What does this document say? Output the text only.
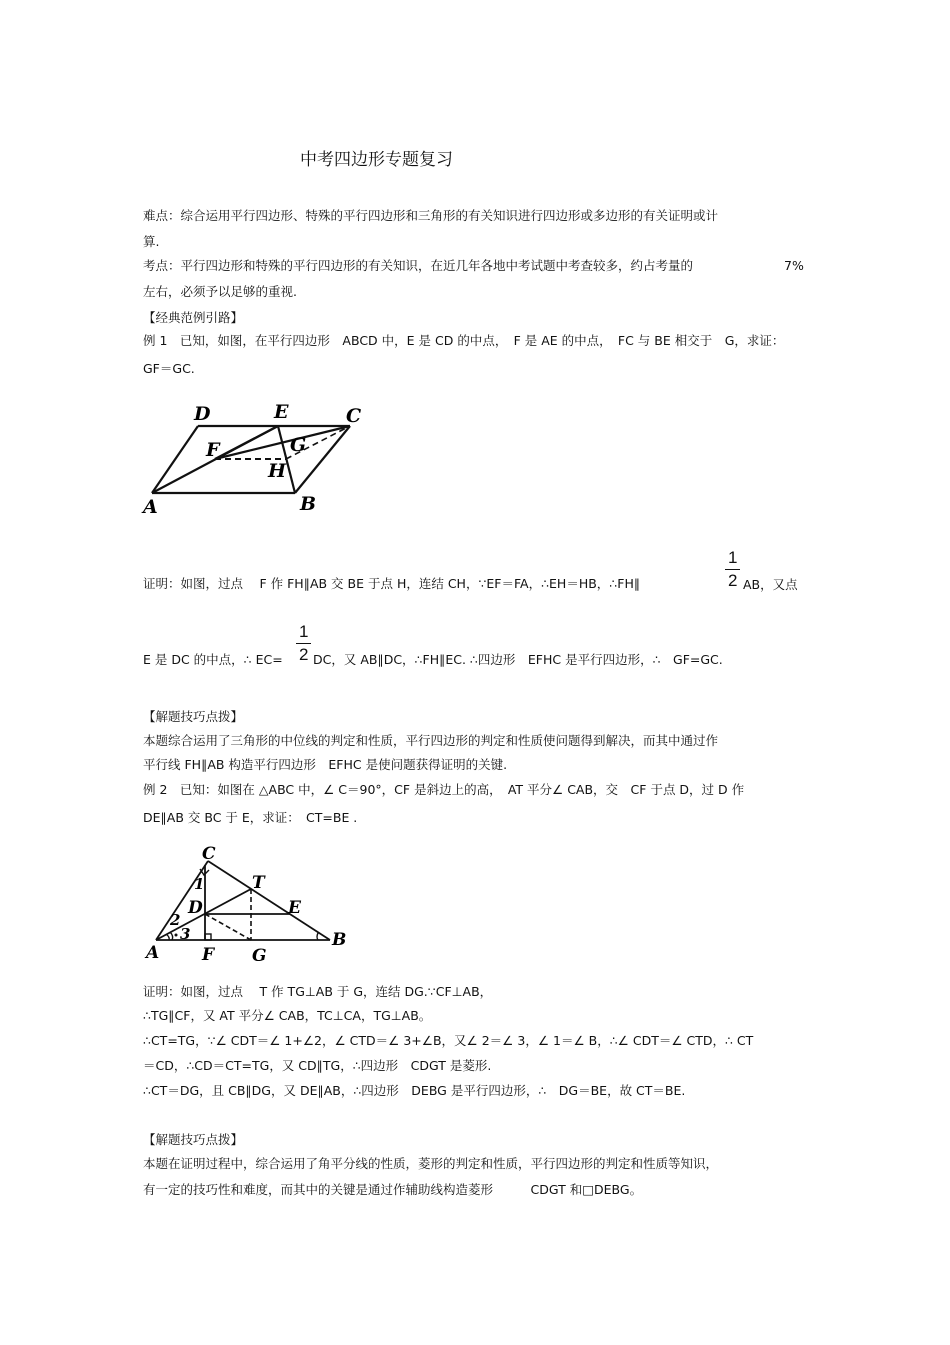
中考四边形专题复习
难点：综合运用平行四边形、特殊的平行四边形和三角形的有关知识进行四边形或多边形的有关证明或计
算.
考点：平行四边形和特殊的平行四边形的有关知识，在近几年各地中考试题中考查较多，约占考量的	7%
左右，必须予以足够的重视.
【经典范例引路】
例 1　已知，如图，在平行四边形　ABCD 中，E 是 CD 的中点，　F 是 AE 的中点，　FC 与 BE 相交于　G，求证：
GF＝GC.
D	E	C
F	G
H
A	B
1
2
证明：如图，过点　 F 作 FH∥AB 交 BE 于点 H，连结 CH，∵EF＝FA，∴EH＝HB，∴FH∥	AB，又点
1
2
E 是 DC 的中点，∴ EC= DC，又 AB∥DC，∴FH∥EC. ∴四边形　EFHC 是平行四边形，∴　GF=GC.
【解题技巧点拨】
本题综合运用了三角形的中位线的判定和性质，平行四边形的判定和性质使问题得到解决，而其中通过作
平行线 FH∥AB 构造平行四边形　EFHC 是使问题获得证明的关键.
例 2　已知：如图在 △ABC 中，∠ C＝90°，CF 是斜边上的高，　AT 平分∠ CAB，交　CF 于点 D，过 D 作
DE∥AB 交 BC 于 E，求证：　CT=BE .
C
T
D	E
A	F G
B
1
2
3
证明：如图，过点　 T 作 TG⊥AB 于 G，连结 DG.∵CF⊥AB，
∴TG∥CF，又 AT 平分∠ CAB，TC⊥CA，TG⊥AB。
∴CT=TG，∵∠ CDT＝∠ 1+∠2，∠ CTD＝∠ 3+∠B，又∠ 2＝∠ 3，∠ 1＝∠ B，∴∠ CDT＝∠ CTD，∴ CT
＝CD，∴CD＝CT=TG，又 CD∥TG，∴四边形　CDGT 是菱形.
∴CT＝DG，且 CB∥DG，又 DE∥AB，∴四边形　DEBG 是平行四边形，∴　DG＝BE，故 CT＝BE.
【解题技巧点拨】
本题在证明过程中，综合运用了角平分线的性质，菱形的判定和性质，平行四边形的判定和性质等知识，
有一定的技巧性和难度，而其中的关键是通过作辅助线构造菱形　　　CDGT 和□DEBG。
